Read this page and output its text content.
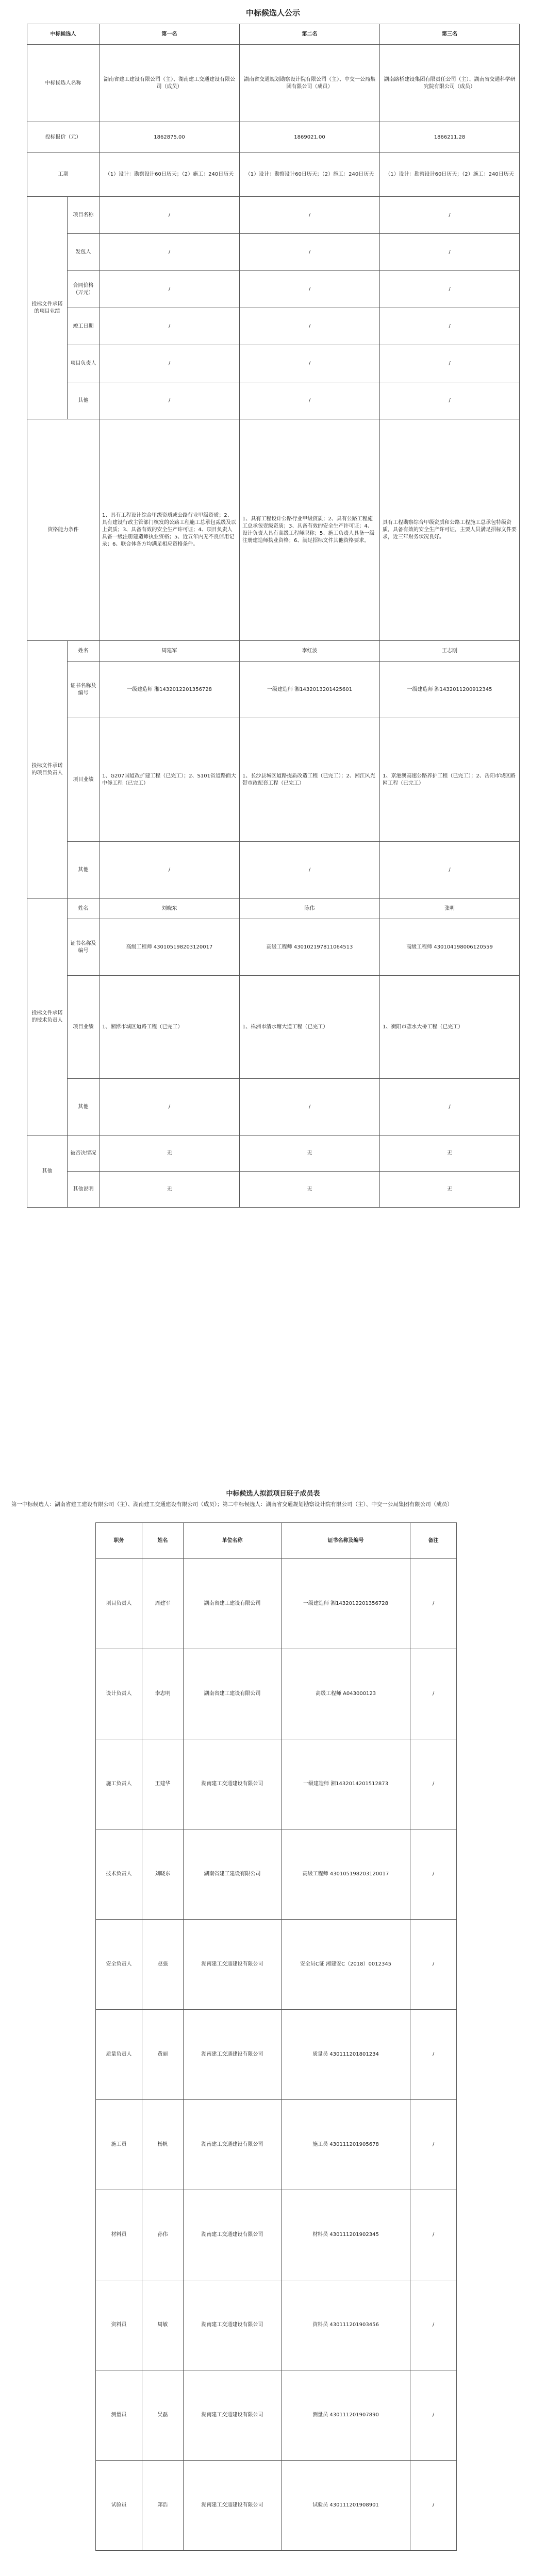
中标候选人公示
中标候选人		第一名	第二名	第三名
中标候选人名称		湖南省建工建设有限公司（主）、湖南建工交通建设有限公司（成员）	湖南省交通规划勘察设计院有限公司（主）、中交一公局集团有限公司（成员）	湖南路桥建设集团有限责任公司（主）、湖南省交通科学研究院有限公司（成员）
投标报价（元）		1862875.00	1869021.00	1866211.28
工期		（1）设计：勘察设计60日历天；（2）施工：240日历天	（1）设计：勘察设计60日历天；（2）施工：240日历天	（1）设计：勘察设计60日历天；（2）施工：240日历天
投标文件承诺的项目业绩	项目名称	/	/	/
	发包人	/	/	/
	合同价格（万元）	/	/	/
	竣工日期	/	/	/
	项目负责人	/	/	/
	其他	/	/	/
资格能力条件		1、具有工程设计综合甲级资质或公路行业甲级资质；2、具有建设行政主管部门核发的公路工程施工总承包贰级及以上资质；3、具备有效的安全生产许可证；4、项目负责人具备一级注册建造师执业资格；5、近五年内无不良信用记录；6、联合体各方均满足相应资格条件。	1、具有工程设计公路行业甲级资质；2、具有公路工程施工总承包壹级资质；3、具备有效的安全生产许可证；4、设计负责人具有高级工程师职称；5、施工负责人具备一级注册建造师执业资格；6、满足招标文件其他资格要求。	具有工程勘察综合甲级资质和公路工程施工总承包特级资质，具备有效的安全生产许可证，主要人员满足招标文件要求，近三年财务状况良好。
投标文件承诺的项目负责人	姓名	周建军	李红波	王志刚
	证书名称及编号	一级建造师 湘1432012201356728	一级建造师 湘1432013201425601	一级建造师 湘1432011200912345
	项目业绩	1、G207国道改扩建工程（已完工）；2、S101省道路面大中修工程（已完工）	1、长沙县城区道路提质改造工程（已完工）；2、湘江风光带市政配套工程（已完工）	1、京港澳高速公路养护工程（已完工）；2、岳阳市城区路网工程（已完工）
	其他	/	/	/
投标文件承诺的技术负责人	姓名	刘晓东	陈伟	张明
	证书名称及编号	高级工程师 430105198203120017	高级工程师 430102197811064513	高级工程师 430104198006120559
	项目业绩	1、湘潭市城区道路工程（已完工）	1、株洲市清水塘大道工程（已完工）	1、衡阳市蒸水大桥工程（已完工）
	其他	/	/	/
其他	被否决情况	无	无	无
	其他说明	无	无	无
中标候选人拟派项目班子成员表
第一中标候选人：湖南省建工建设有限公司（主）、湖南建工交通建设有限公司（成员）；第二中标候选人：湖南省交通规划勘察设计院有限公司（主）、中交一公局集团有限公司（成员）
职务	姓名	单位名称	证书名称及编号	备注
项目负责人	周建军	湖南省建工建设有限公司	一级建造师 湘1432012201356728	/
设计负责人	李志明	湖南省建工建设有限公司	高级工程师 A043000123	/
施工负责人	王建华	湖南建工交通建设有限公司	一级建造师 湘1432014201512873	/
技术负责人	刘晓东	湖南省建工建设有限公司	高级工程师 430105198203120017	/
安全负责人	赵强	湖南建工交通建设有限公司	安全员C证 湘建安C（2018）0012345	/
质量负责人	黄丽	湖南建工交通建设有限公司	质量员 430111201801234	/
施工员	杨帆	湖南建工交通建设有限公司	施工员 430111201905678	/
材料员	孙伟	湖南建工交通建设有限公司	材料员 430111201902345	/
资料员	周敏	湖南建工交通建设有限公司	资料员 430111201903456	/
测量员	吴磊	湖南建工交通建设有限公司	测量员 430111201907890	/
试验员	郑浩	湖南建工交通建设有限公司	试验员 430111201908901	/
